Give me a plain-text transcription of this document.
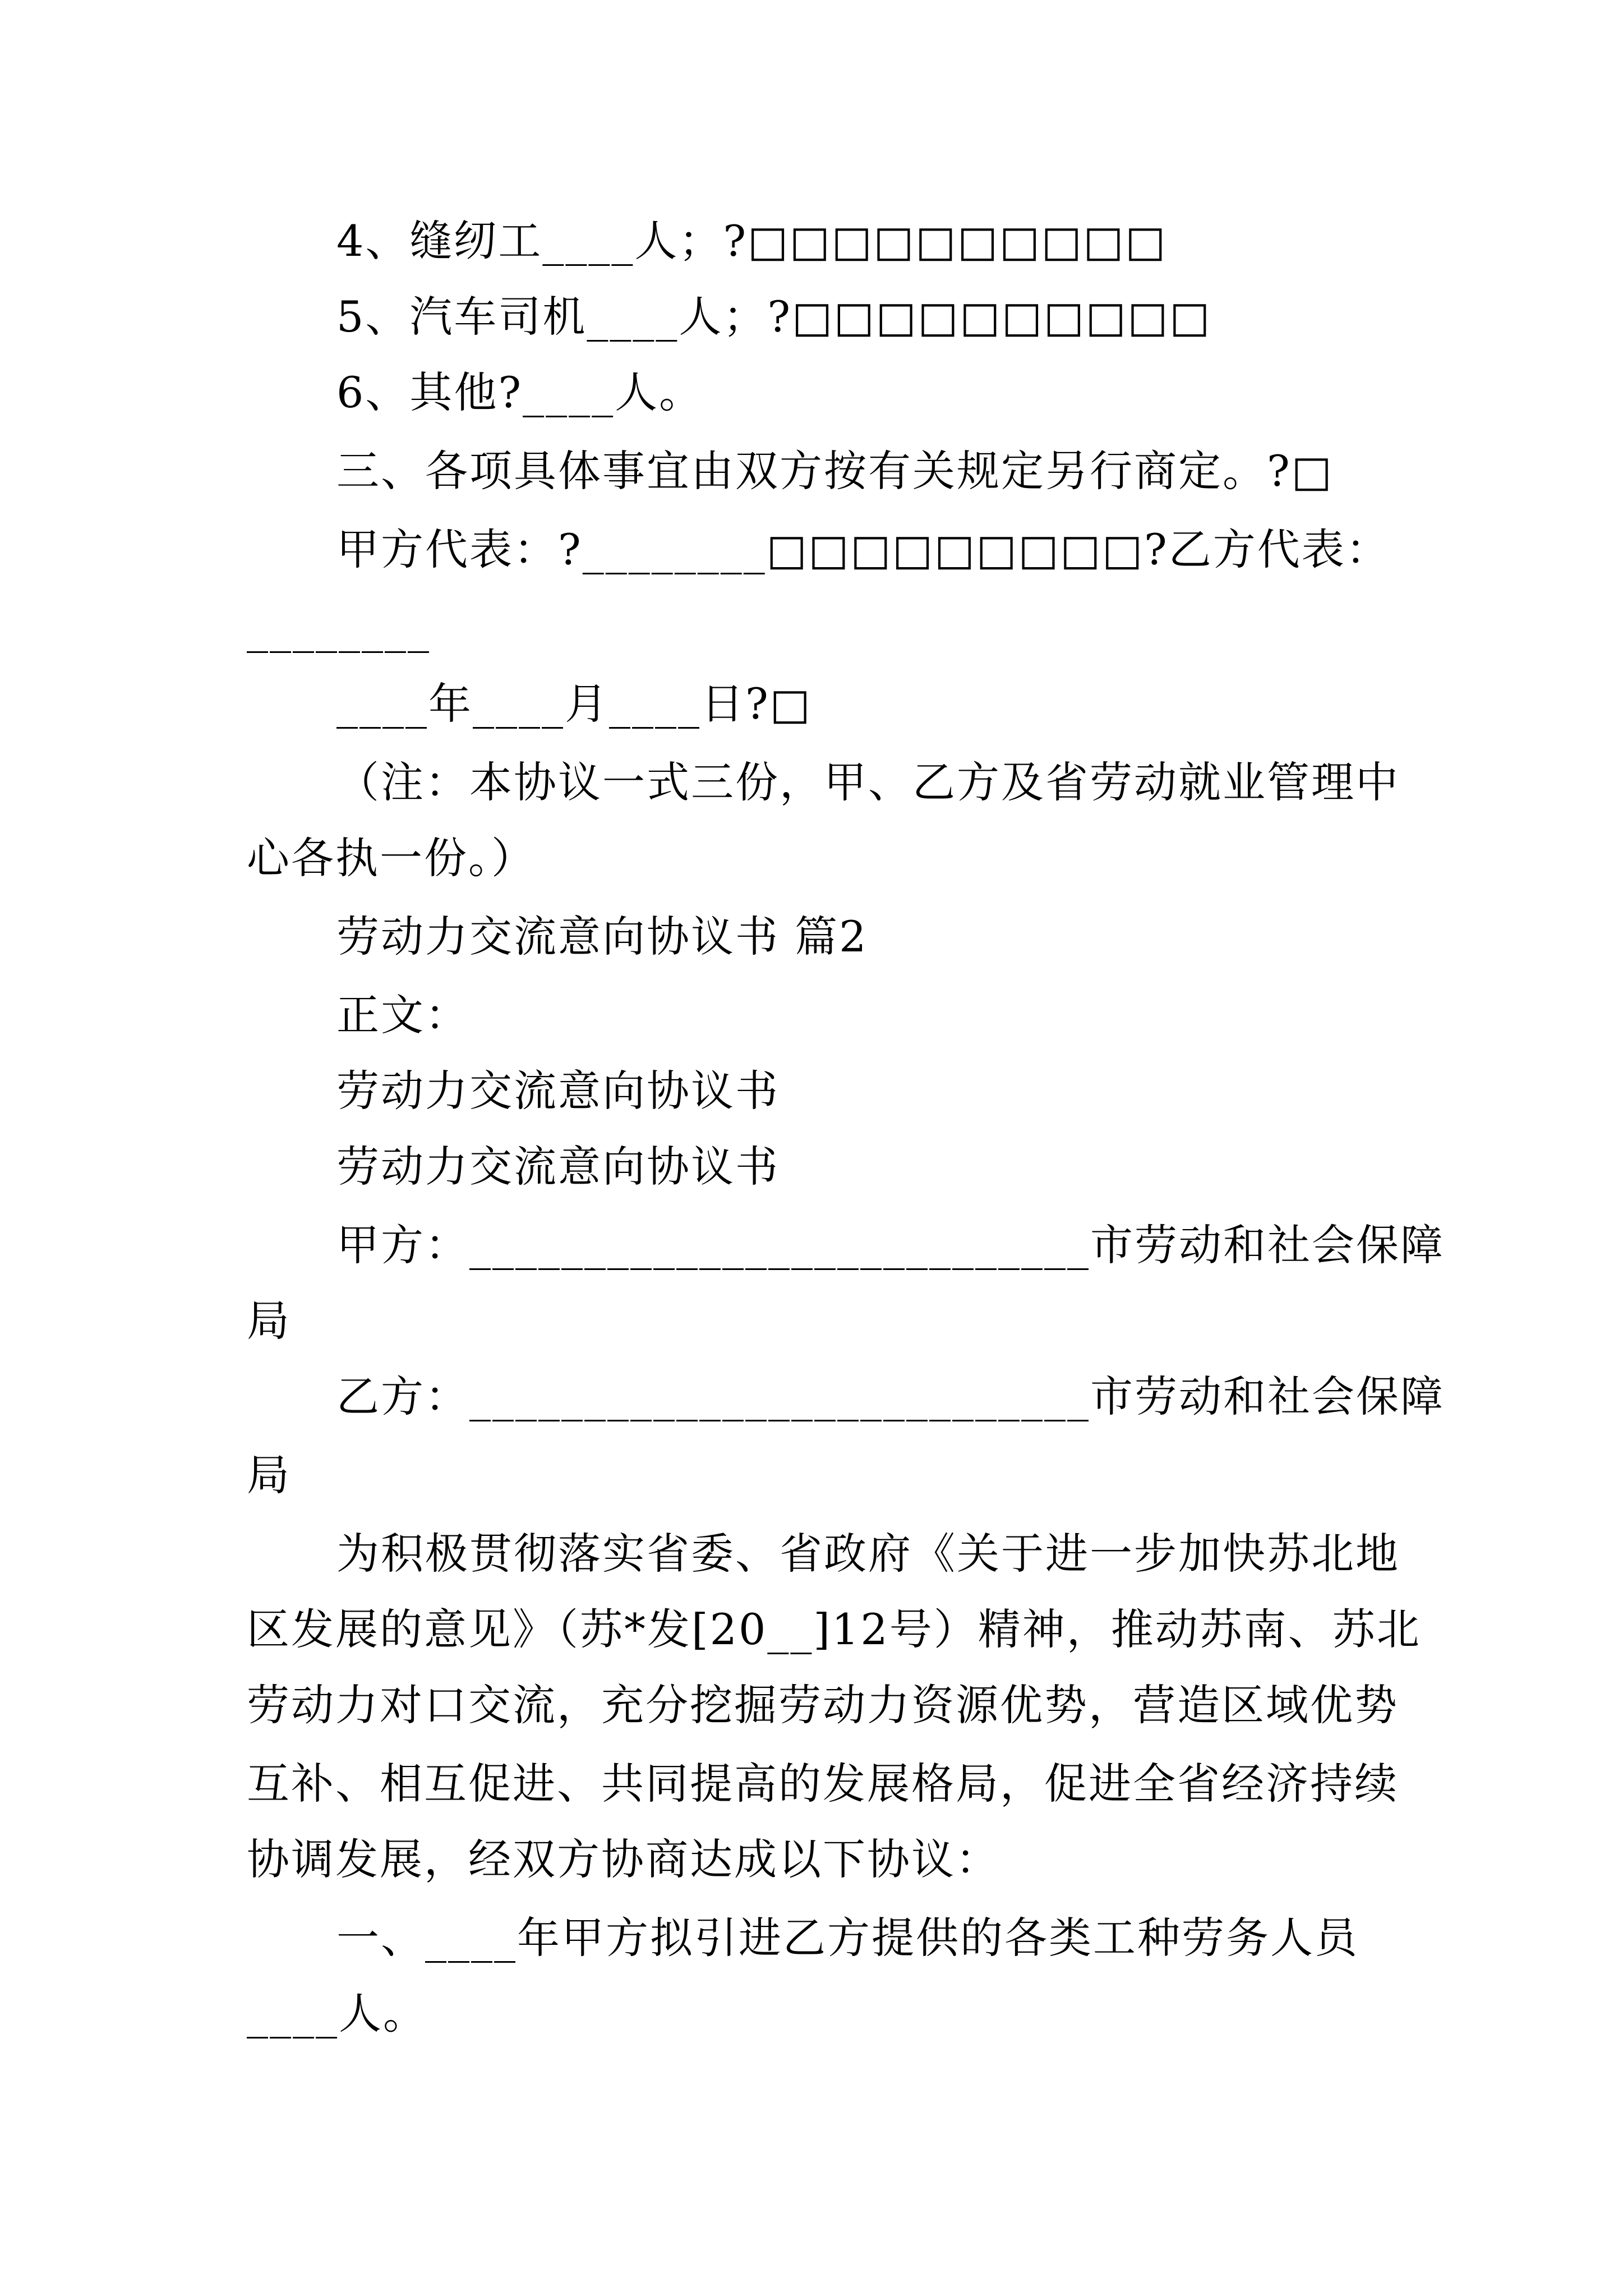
4、缝纫工____人；?□□□□□□□□□□
5、汽车司机____人；?□□□□□□□□□□
6、其他?____人。
三、各项具体事宜由双方按有关规定另行商定。?□
甲方代表：?________□□□□□□□□□?乙方代表：
________
____年____月____日?□
（注：本协议一式三份，甲、乙方及省劳动就业管理中
心各执一份。）
劳动力交流意向协议书 篇2
正文：
劳动力交流意向协议书
劳动力交流意向协议书
甲方：___________________________市劳动和社会保障
局
乙方：___________________________市劳动和社会保障
局
为积极贯彻落实省委、省政府《关于进一步加快苏北地
区发展的意见》（苏*发[20__]12号）精神，推动苏南、苏北
劳动力对口交流，充分挖掘劳动力资源优势，营造区域优势
互补、相互促进、共同提高的发展格局，促进全省经济持续
协调发展，经双方协商达成以下协议：
一、____年甲方拟引进乙方提供的各类工种劳务人员
____人。
